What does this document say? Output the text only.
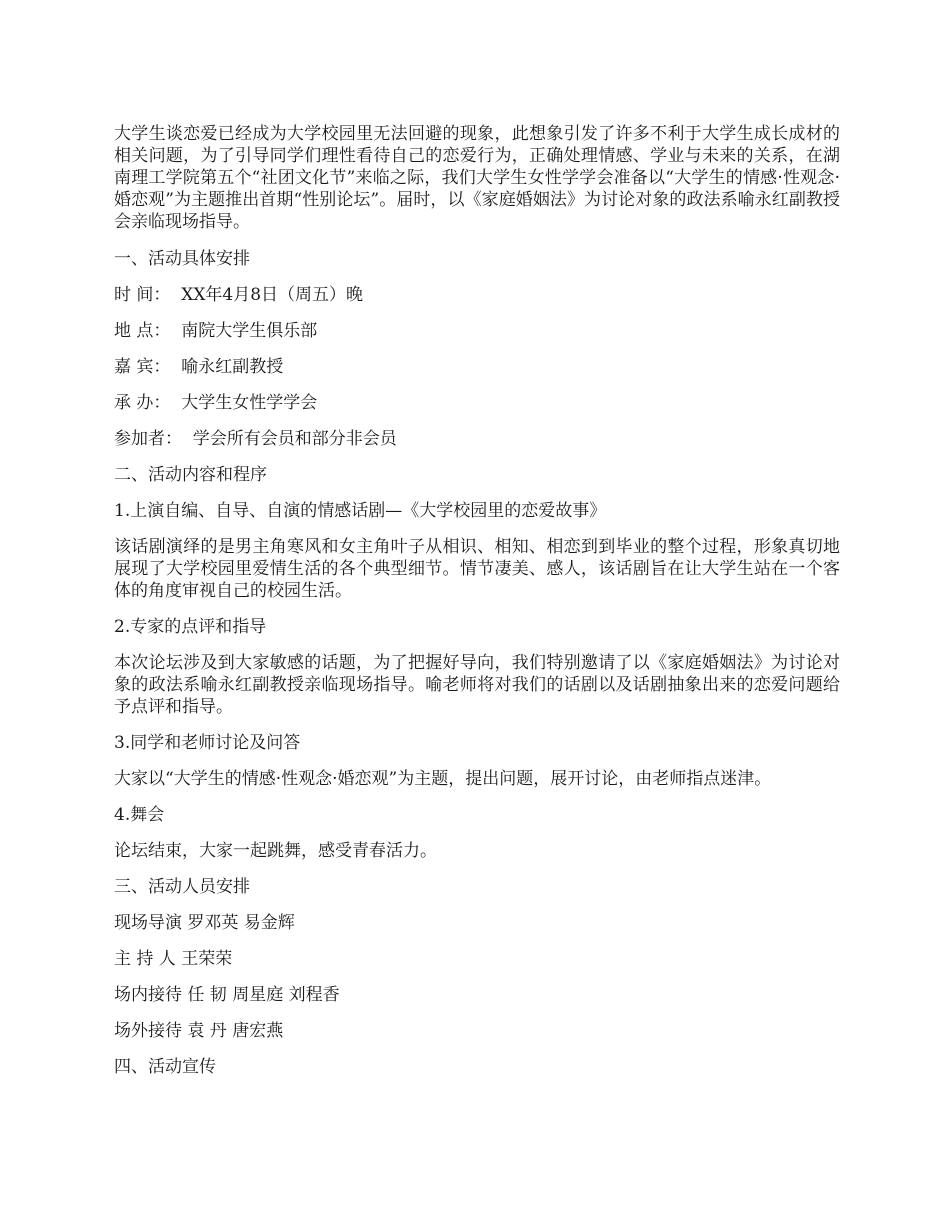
大学生谈恋爱已经成为大学校园里无法回避的现象，此想象引发了许多不利于大学生成长成材的相关问题，为了引导同学们理性看待自己的恋爱行为，正确处理情感、学业与未来的关系，在湖南理工学院第五个“社团文化节”来临之际，我们大学生女性学学会准备以“大学生的情感·性观念·婚恋观”为主题推出首期“性别论坛”。届时，以《家庭婚姻法》为讨论对象的政法系喻永红副教授会亲临现场指导。

一、活动具体安排

时 间：  XX年4月8日（周五）晚

地 点：  南院大学生俱乐部

嘉 宾：  喻永红副教授

承 办：  大学生女性学学会

参加者：  学会所有会员和部分非会员

二、活动内容和程序

1.上演自编、自导、自演的情感话剧—《大学校园里的恋爱故事》

该话剧演绎的是男主角寒风和女主角叶子从相识、相知、相恋到到毕业的整个过程，形象真切地展现了大学校园里爱情生活的各个典型细节。情节凄美、感人，该话剧旨在让大学生站在一个客体的角度审视自己的校园生活。

2.专家的点评和指导

本次论坛涉及到大家敏感的话题，为了把握好导向，我们特别邀请了以《家庭婚姻法》为讨论对象的政法系喻永红副教授亲临现场指导。喻老师将对我们的话剧以及话剧抽象出来的恋爱问题给予点评和指导。

3.同学和老师讨论及问答

大家以“大学生的情感·性观念·婚恋观”为主题，提出问题，展开讨论，由老师指点迷津。

4.舞会

论坛结束，大家一起跳舞，感受青春活力。

三、活动人员安排

现场导演 罗邓英 易金辉

主 持 人 王荣荣

场内接待 任 韧 周星庭 刘程香

场外接待 袁 丹 唐宏燕

四、活动宣传
